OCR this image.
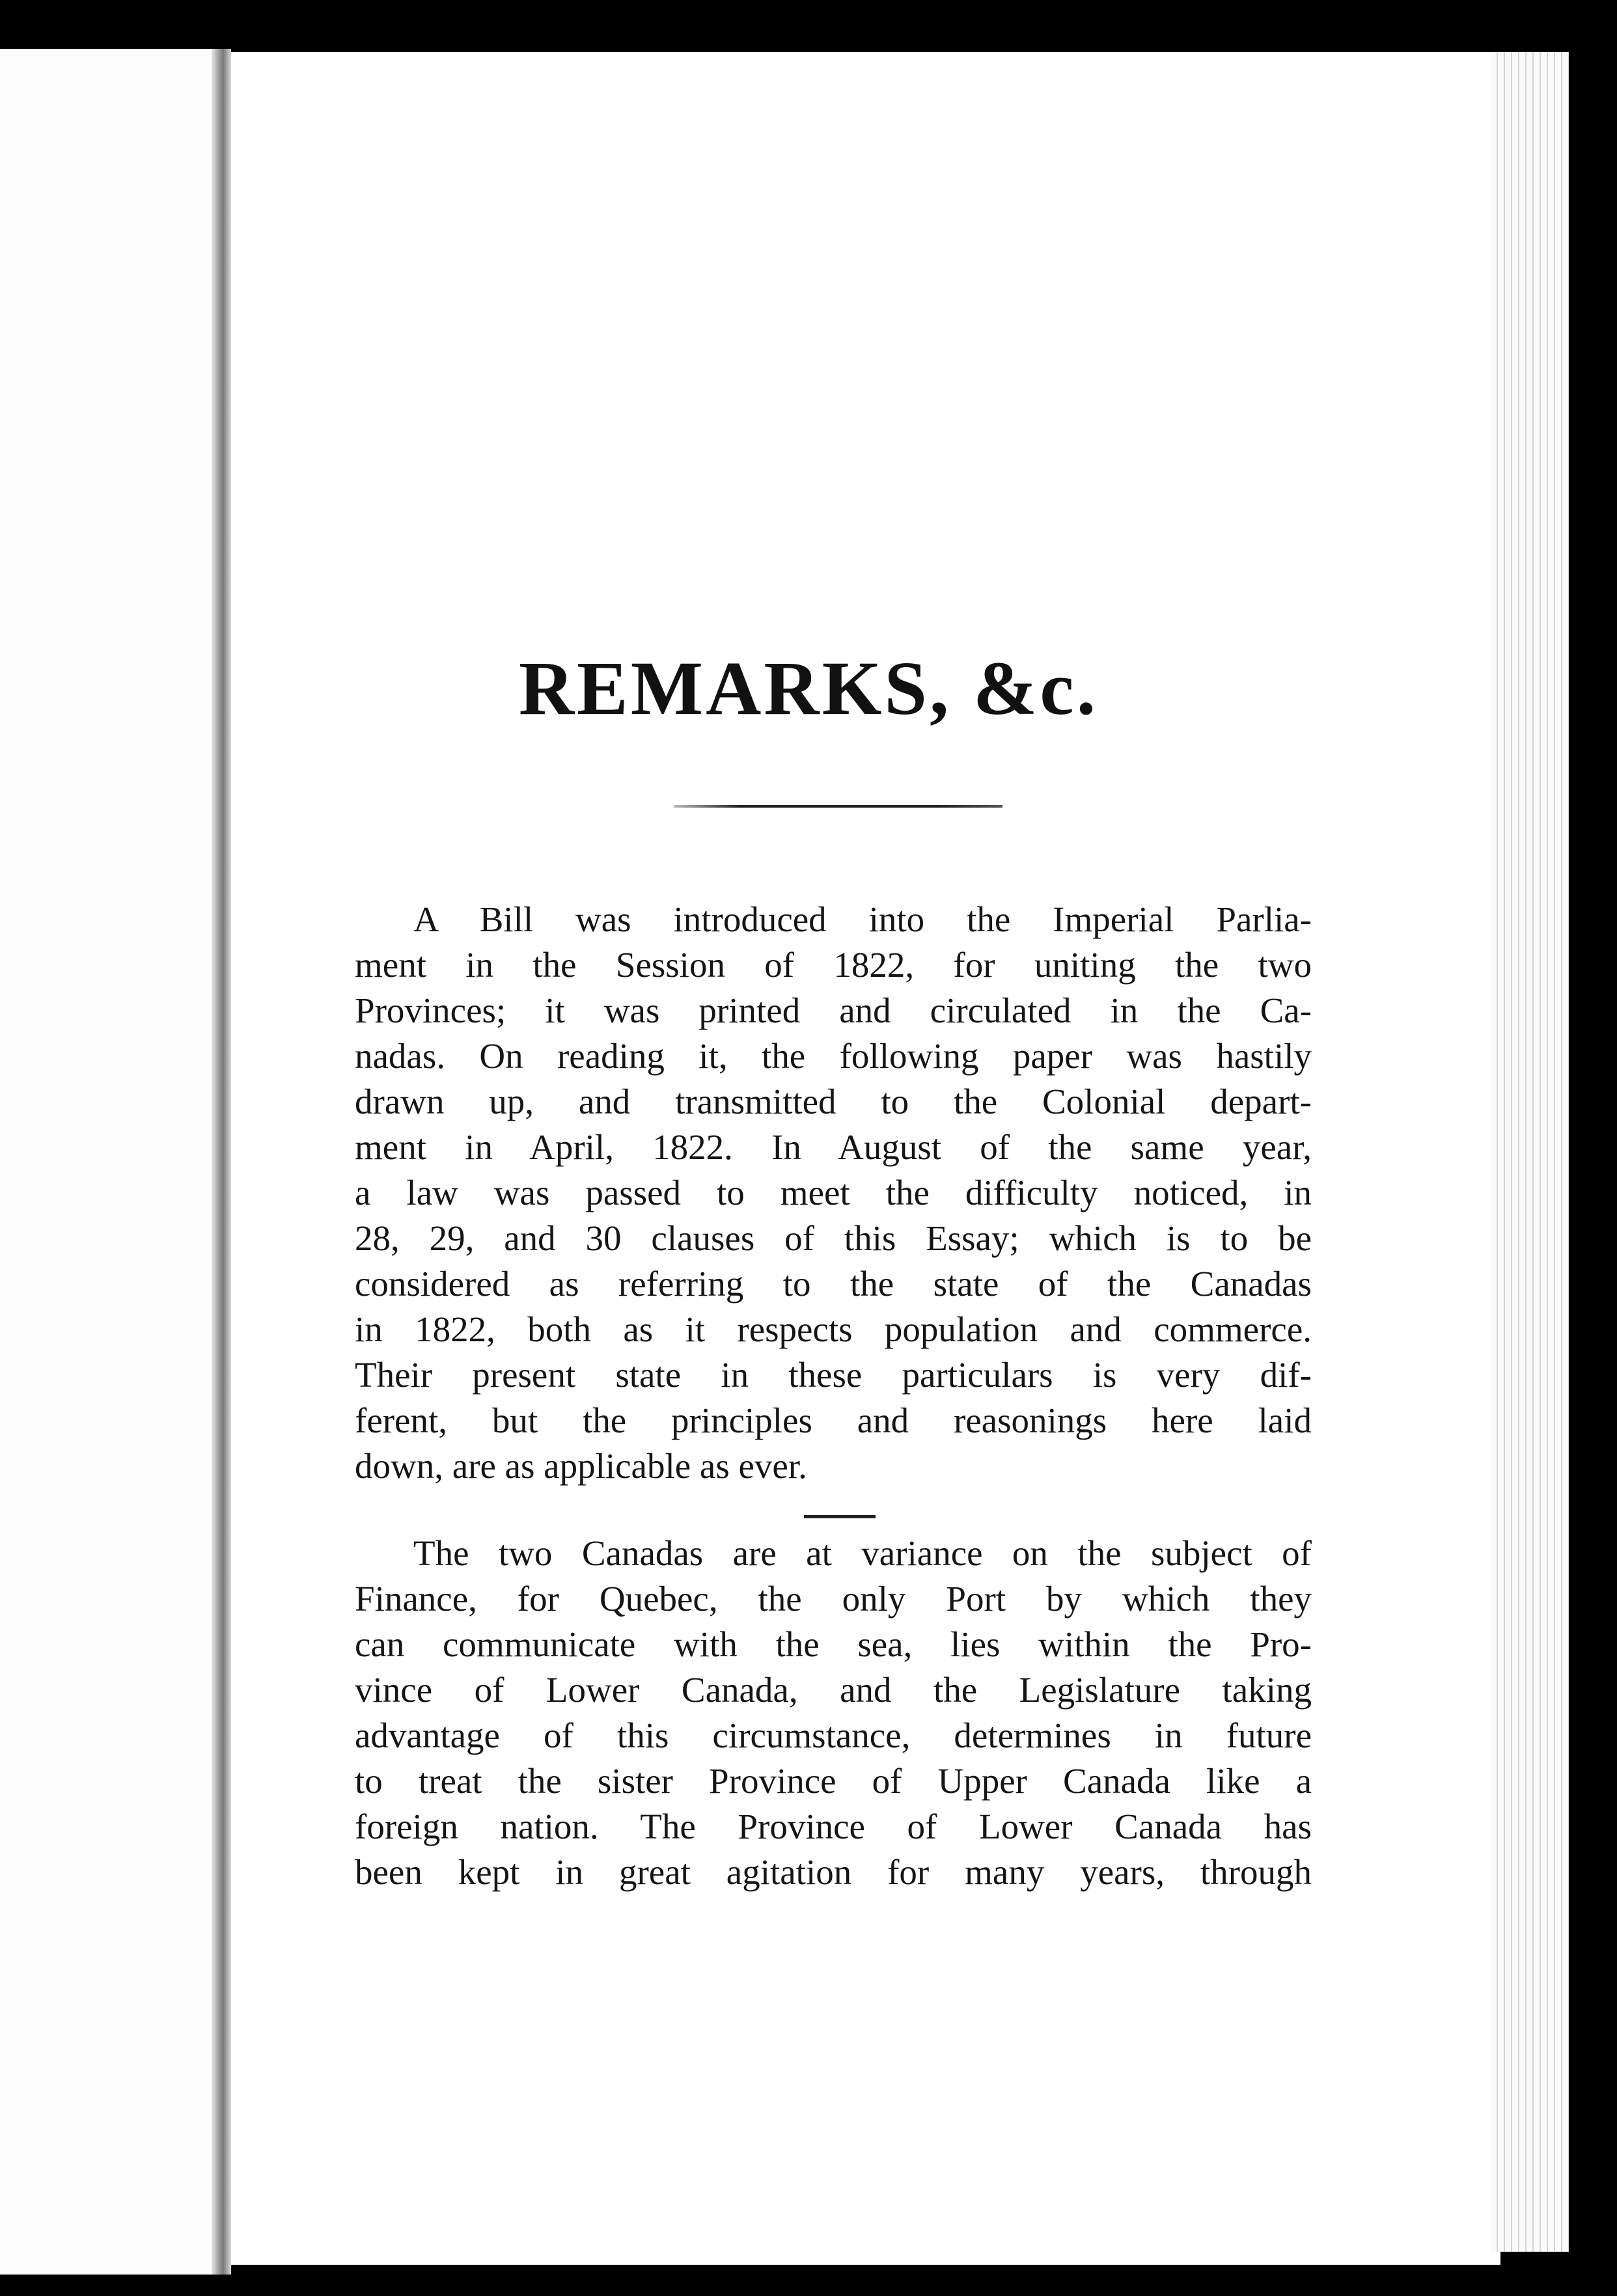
REMARKS, &c.
A Bill was introduced into the Imperial Parlia-
ment in the Session of 1822, for uniting the two
Provinces; it was printed and circulated in the Ca-
nadas. On reading it, the following paper was hastily
drawn up, and transmitted to the Colonial depart-
ment in April, 1822. In August of the same year,
a law was passed to meet the difficulty noticed, in
28, 29, and 30 clauses of this Essay; which is to be
considered as referring to the state of the Canadas
in 1822, both as it respects population and commerce.
Their present state in these particulars is very dif-
ferent, but the principles and reasonings here laid
down, are as applicable as ever.
The two Canadas are at variance on the subject of
Finance, for Quebec, the only Port by which they
can communicate with the sea, lies within the Pro-
vince of Lower Canada, and the Legislature taking
advantage of this circumstance, determines in future
to treat the sister Province of Upper Canada like a
foreign nation. The Province of Lower Canada has
been kept in great agitation for many years, through
